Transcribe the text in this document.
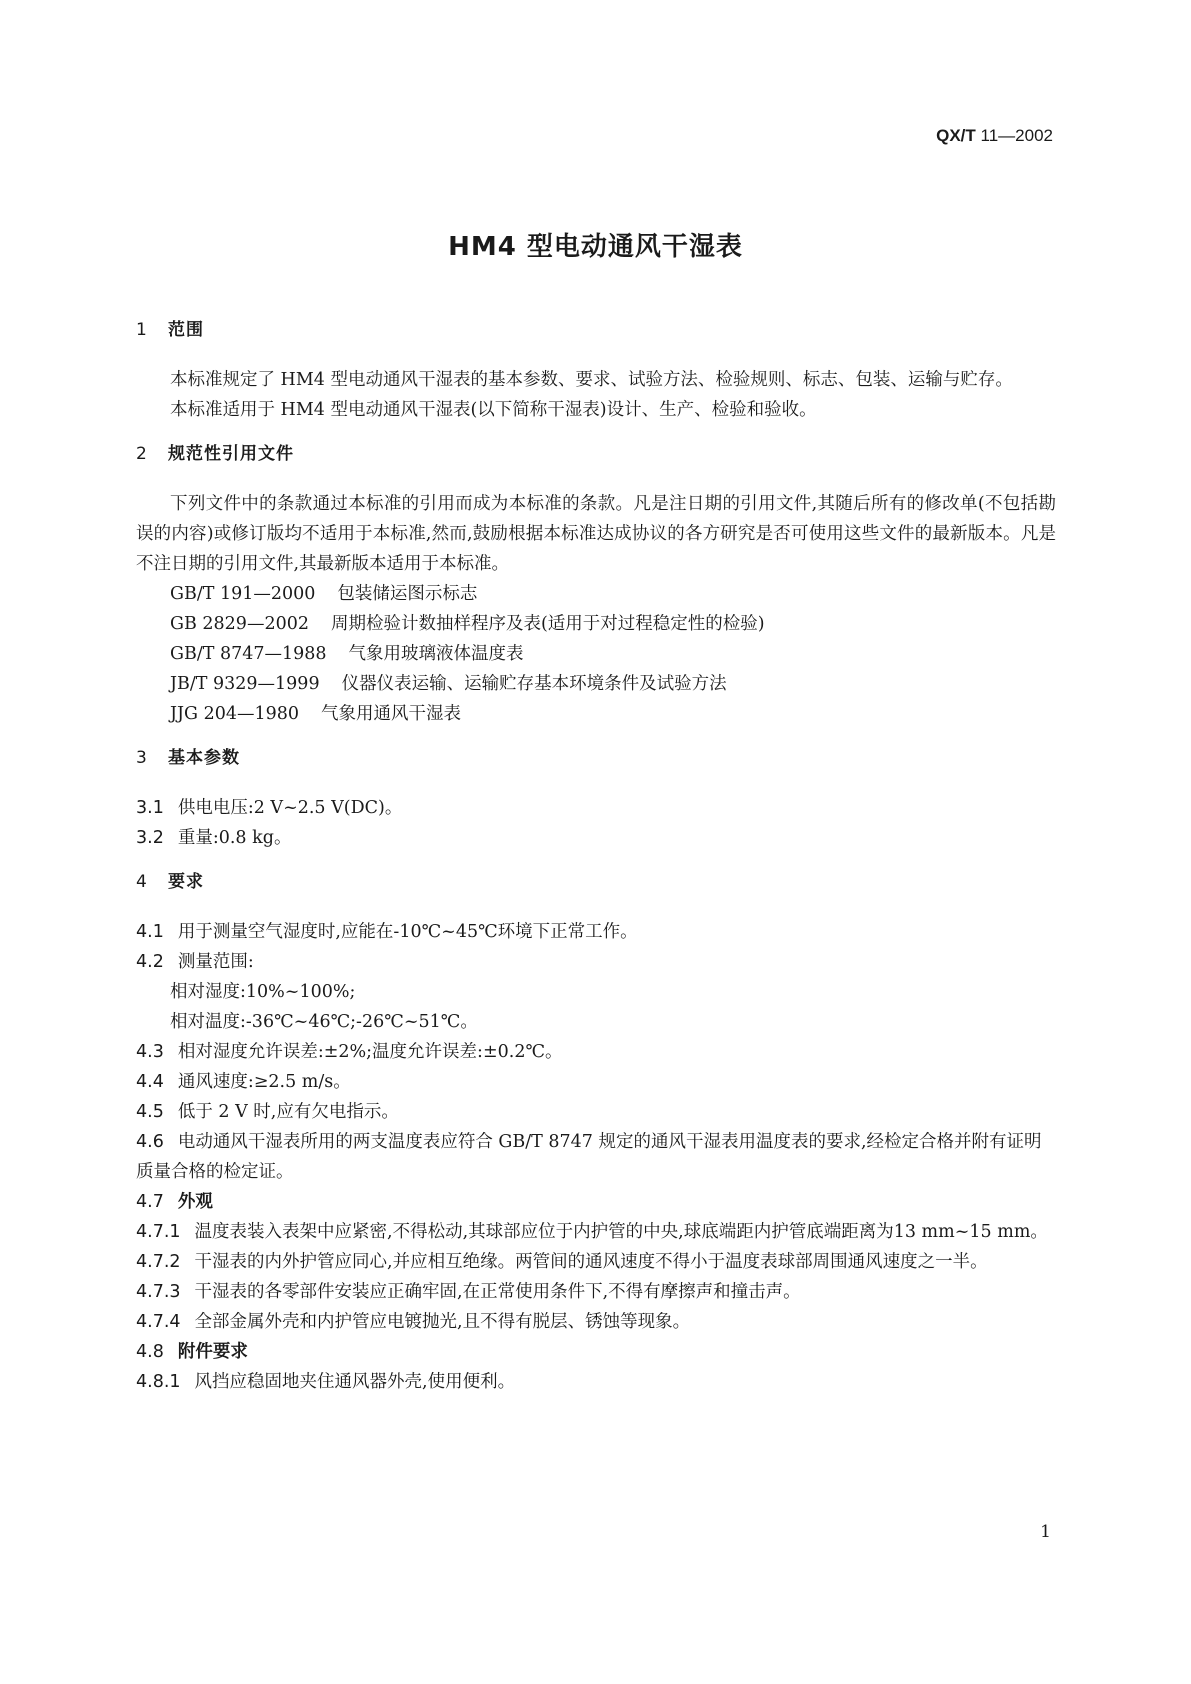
QX/T 11—2002
HM4 型电动通风干湿表
1 范围

本标准规定了 HM4 型电动通风干湿表的基本参数、要求、试验方法、检验规则、标志、包装、运输与贮存。

本标准适用于 HM4 型电动通风干湿表(以下简称干湿表)设计、生产、检验和验收。

2 规范性引用文件

下列文件中的条款通过本标准的引用而成为本标准的条款。凡是注日期的引用文件,其随后所有的修改单(不包括勘误的内容)或修订版均不适用于本标准,然而,鼓励根据本标准达成协议的各方研究是否可使用这些文件的最新版本。凡是不注日期的引用文件,其最新版本适用于本标准。

GB/T 191—2000 包装储运图示标志

GB 2829—2002 周期检验计数抽样程序及表(适用于对过程稳定性的检验)

GB/T 8747—1988 气象用玻璃液体温度表

JB/T 9329—1999 仪器仪表运输、运输贮存基本环境条件及试验方法

JJG 204—1980 气象用通风干湿表

3 基本参数

3.1 供电电压:2 V~2.5 V(DC)。

3.2 重量:0.8 kg。

4 要求

4.1 用于测量空气湿度时,应能在-10℃~45℃环境下正常工作。

4.2 测量范围:

相对湿度:10%~100%;

相对温度:-36℃~46℃;-26℃~51℃。

4.3 相对湿度允许误差:±2%;温度允许误差:±0.2℃。

4.4 通风速度:≥2.5 m/s。

4.5 低于 2 V 时,应有欠电指示。

4.6 电动通风干湿表所用的两支温度表应符合 GB/T 8747 规定的通风干湿表用温度表的要求,经检定合格并附有证明质量合格的检定证。

4.7 外观

4.7.1 温度表装入表架中应紧密,不得松动,其球部应位于内护管的中央,球底端距内护管底端距离为13 mm~15 mm。

4.7.2 干湿表的内外护管应同心,并应相互绝缘。两管间的通风速度不得小于温度表球部周围通风速度之一半。

4.7.3 干湿表的各零部件安装应正确牢固,在正常使用条件下,不得有摩擦声和撞击声。

4.7.4 全部金属外壳和内护管应电镀抛光,且不得有脱层、锈蚀等现象。

4.8 附件要求

4.8.1 风挡应稳固地夹住通风器外壳,使用便利。

1
